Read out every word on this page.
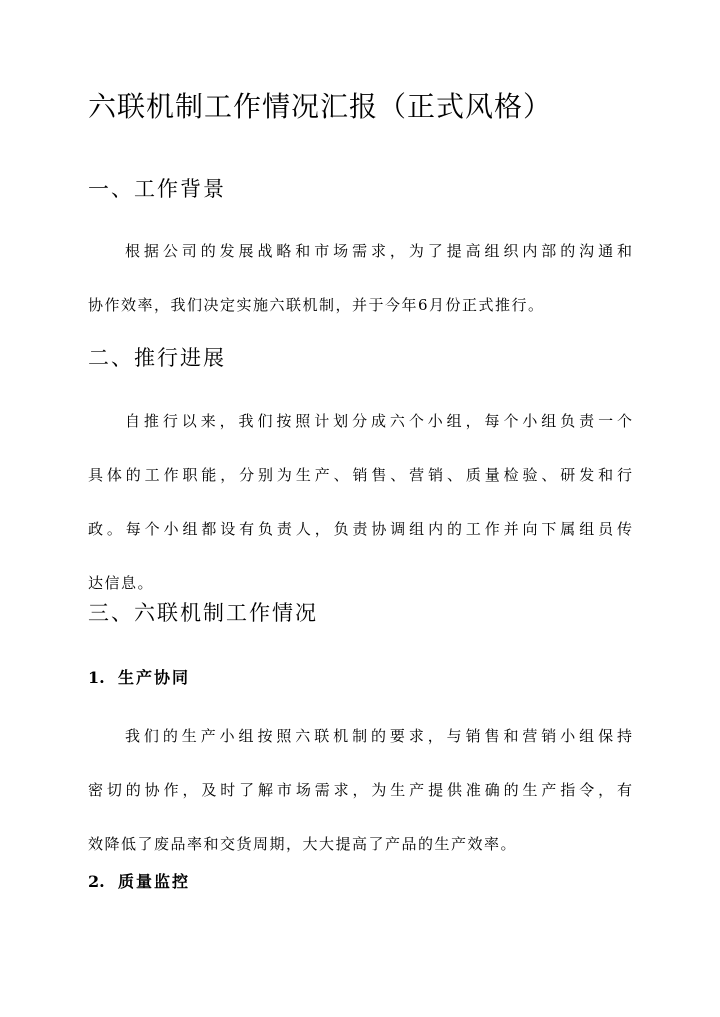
六联机制工作情况汇报（正式风格）
一、工作背景
根据公司的发展战略和市场需求，为了提高组织内部的沟通和
协作效率，我们决定实施六联机制，并于今年6月份正式推行。
二、推行进展
自推行以来，我们按照计划分成六个小组，每个小组负责一个
具体的工作职能，分别为生产、销售、营销、质量检验、研发和行
政。每个小组都设有负责人，负责协调组内的工作并向下属组员传
达信息。
三、六联机制工作情况
1. 生产协同
我们的生产小组按照六联机制的要求，与销售和营销小组保持
密切的协作，及时了解市场需求，为生产提供准确的生产指令，有
效降低了废品率和交货周期，大大提高了产品的生产效率。
2. 质量监控
